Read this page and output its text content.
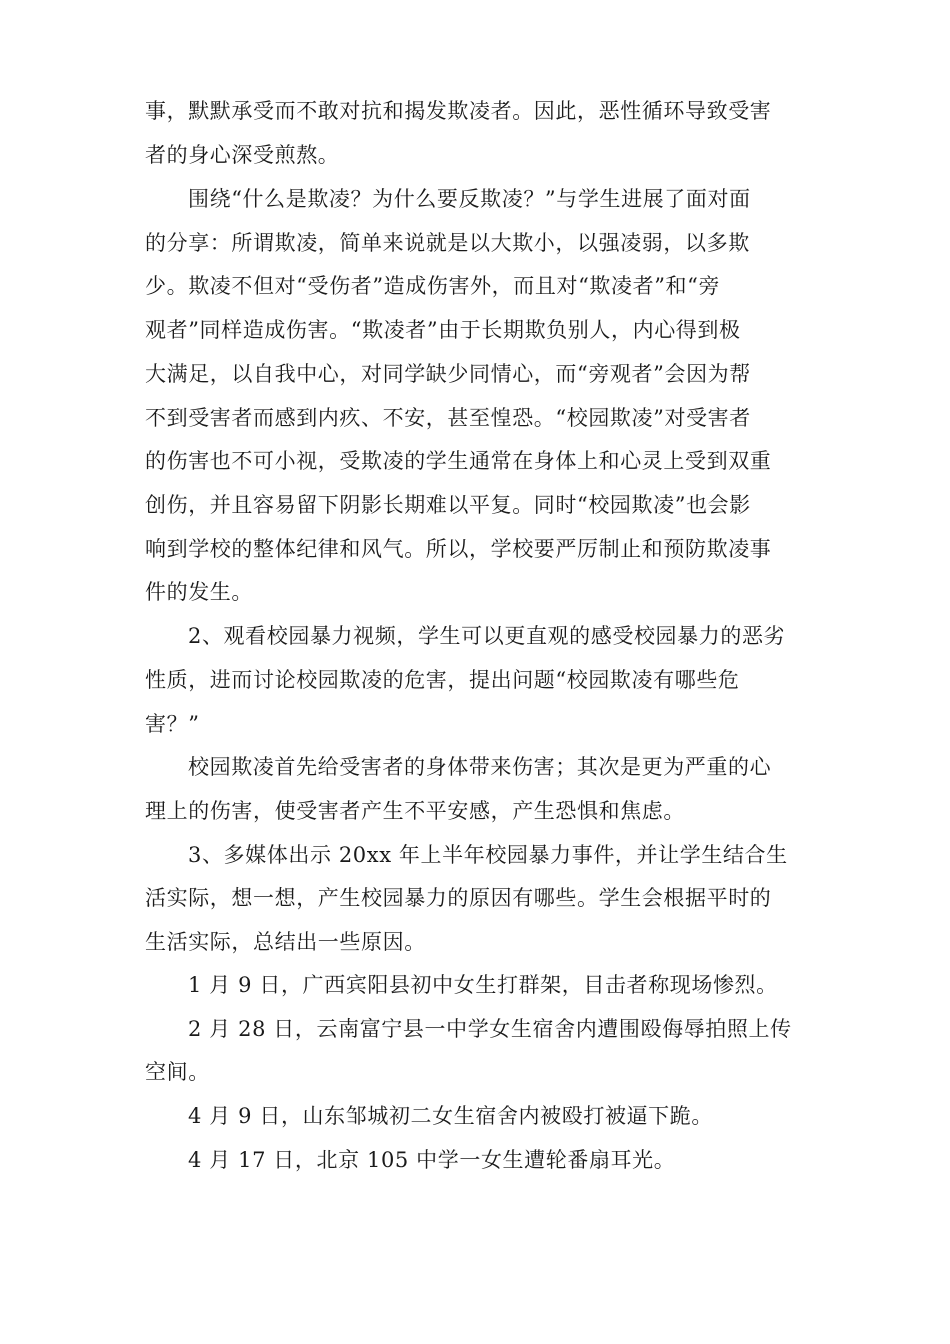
事，默默承受而不敢对抗和揭发欺凌者。因此，恶性循环导致受害
者的身心深受煎熬。
围绕“什么是欺凌？为什么要反欺凌？”与学生进展了面对面
的分享：所谓欺凌，简单来说就是以大欺小，以强凌弱，以多欺
少。欺凌不但对“受伤者”造成伤害外，而且对“欺凌者”和“旁
观者”同样造成伤害。“欺凌者”由于长期欺负别人，内心得到极
大满足，以自我中心，对同学缺少同情心，而“旁观者”会因为帮
不到受害者而感到内疚、不安，甚至惶恐。“校园欺凌”对受害者
的伤害也不可小视，受欺凌的学生通常在身体上和心灵上受到双重
创伤，并且容易留下阴影长期难以平复。同时“校园欺凌”也会影
响到学校的整体纪律和风气。所以，学校要严厉制止和预防欺凌事
件的发生。
2、观看校园暴力视频，学生可以更直观的感受校园暴力的恶劣
性质，进而讨论校园欺凌的危害，提出问题“校园欺凌有哪些危
害？”
校园欺凌首先给受害者的身体带来伤害；其次是更为严重的心
理上的伤害，使受害者产生不平安感，产生恐惧和焦虑。
3、多媒体出示 20xx 年上半年校园暴力事件，并让学生结合生
活实际，想一想，产生校园暴力的原因有哪些。学生会根据平时的
生活实际，总结出一些原因。
1 月 9 日，广西宾阳县初中女生打群架，目击者称现场惨烈。
2 月 28 日，云南富宁县一中学女生宿舍内遭围殴侮辱拍照上传
空间。
4 月 9 日，山东邹城初二女生宿舍内被殴打被逼下跪。
4 月 17 日，北京 105 中学一女生遭轮番扇耳光。
